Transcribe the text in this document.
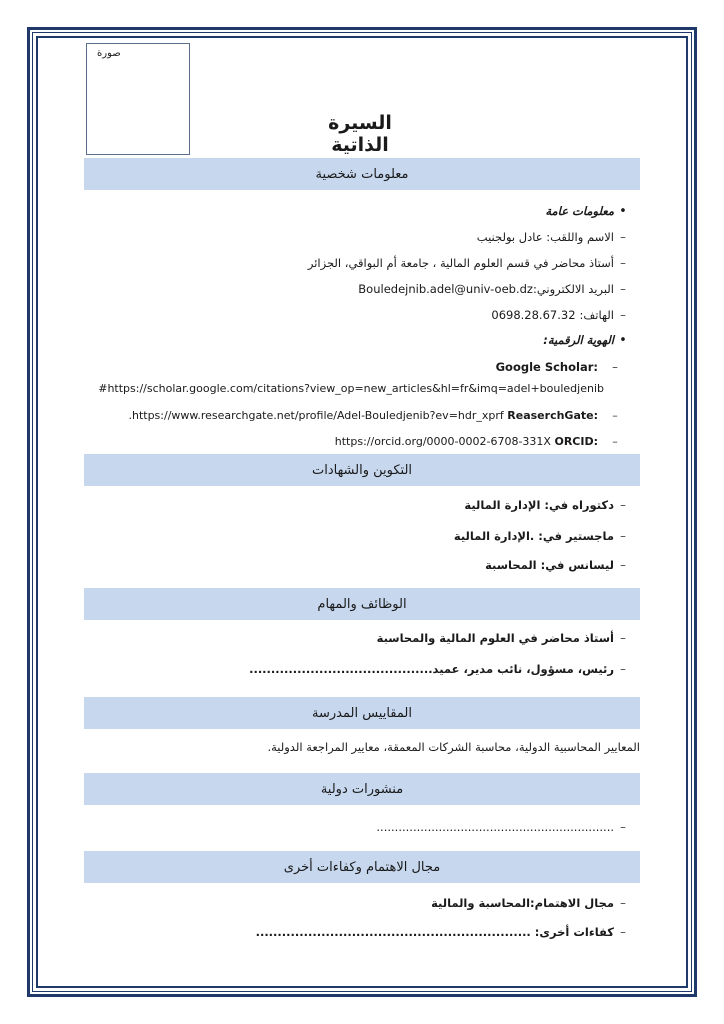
صورة
السيرة الذاتية
معلومات شخصية
•
معلومات عامة
–
الاسم واللقب: عادل بولجنيب
–
أستاذ محاضر في قسم العلوم المالية ، جامعة أم البواقي، الجزائر
–
البريد الالكتروني:
Bouledejnib.adel@univ-oeb.dz
–
الهاتف:
0698.28.67.32
•
الهوية الرقمية:
–
Google Scholar:
#https://scholar.google.com/citations?view_op=new_articles&hl=fr&imq=adel+bouledjenib
–
.https://www.researchgate.net/profile/Adel-Bouledjenib?ev=hdr_xprf ReaserchGate:
–
https://orcid.org/0000-0002-6708-331X ORCID:
التكوين والشهادات
–
دكتوراه في: الإدارة المالية
–
ماجستير في: .الإدارة المالية
–
ليسانس في: المحاسبة
الوظائف والمهام
–
أستاذ محاضر في العلوم المالية والمحاسبة
–
رئيس، مسؤول، نائب مدير، عميد..........................................
المقاييس المدرسة
المعايير المحاسبية الدولية، محاسبة الشركات المعمقة، معايير المراجعة الدولية.
منشورات دولية
–
.................................................................
مجال الاهتمام وكفاءات أخرى
–
مجال الاهتمام:المحاسبة والمالية
–
كفاءات أخرى: ...............................................................
